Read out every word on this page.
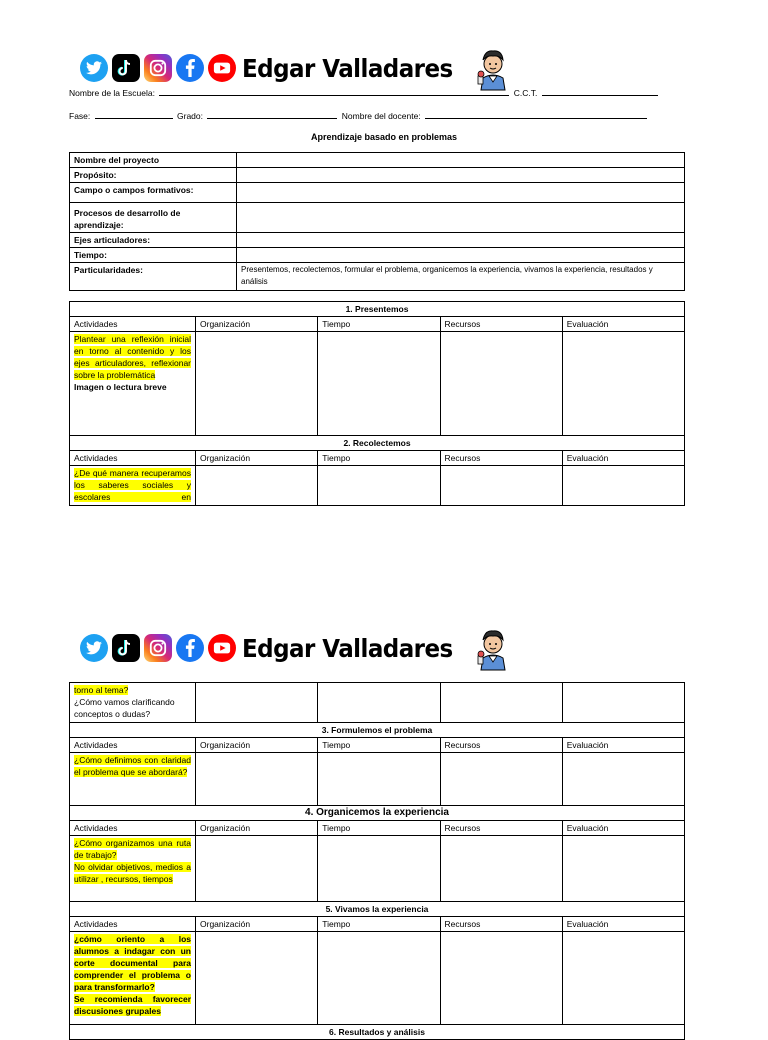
Edgar Valladares
Nombre de la Escuela:	C.C.T.
Fase:	Grado:	Nombre del docente:
Aprendizaje basado en problemas
Nombre del proyecto	
Propósito:	
Campo o campos formativos:	
Procesos de desarrollo de aprendizaje:	
Ejes articuladores:	
Tiempo:	
Particularidades:	Presentemos, recolectemos, formular el problema, organicemos la experiencia, vivamos la experiencia, resultados y análisis
1. Presentemos				
Actividades	Organización	Tiempo	Recursos	Evaluación

Plantear una reflexión inicial en torno al contenido y los ejes articuladores, reflexionar sobre la problemática
Imagen o lectura breve				

2. Recolectemos				
Actividades	Organización	Tiempo	Recursos	Evaluación

¿De qué manera recuperamos los saberes sociales y escolares en				

Edgar Valladares
torno al tema?
¿Cómo vamos clarificando conceptos o dudas?				

3. Formulemos el problema				
Actividades	Organización	Tiempo	Recursos	Evaluación

¿Cómo definimos con claridad el problema que se abordará?				

4. Organicemos la experiencia				
Actividades	Organización	Tiempo	Recursos	Evaluación

¿Cómo organizamos una ruta de trabajo?
No olvidar objetivos, medios a utilizar , recursos, tiempos				

5. Vivamos la experiencia				
Actividades	Organización	Tiempo	Recursos	Evaluación

¿cómo oriento a los alumnos a indagar con un corte documental para comprender el problema o para transformarlo?
Se recomienda favorecer discusiones grupales				

6. Resultados y análisis				
